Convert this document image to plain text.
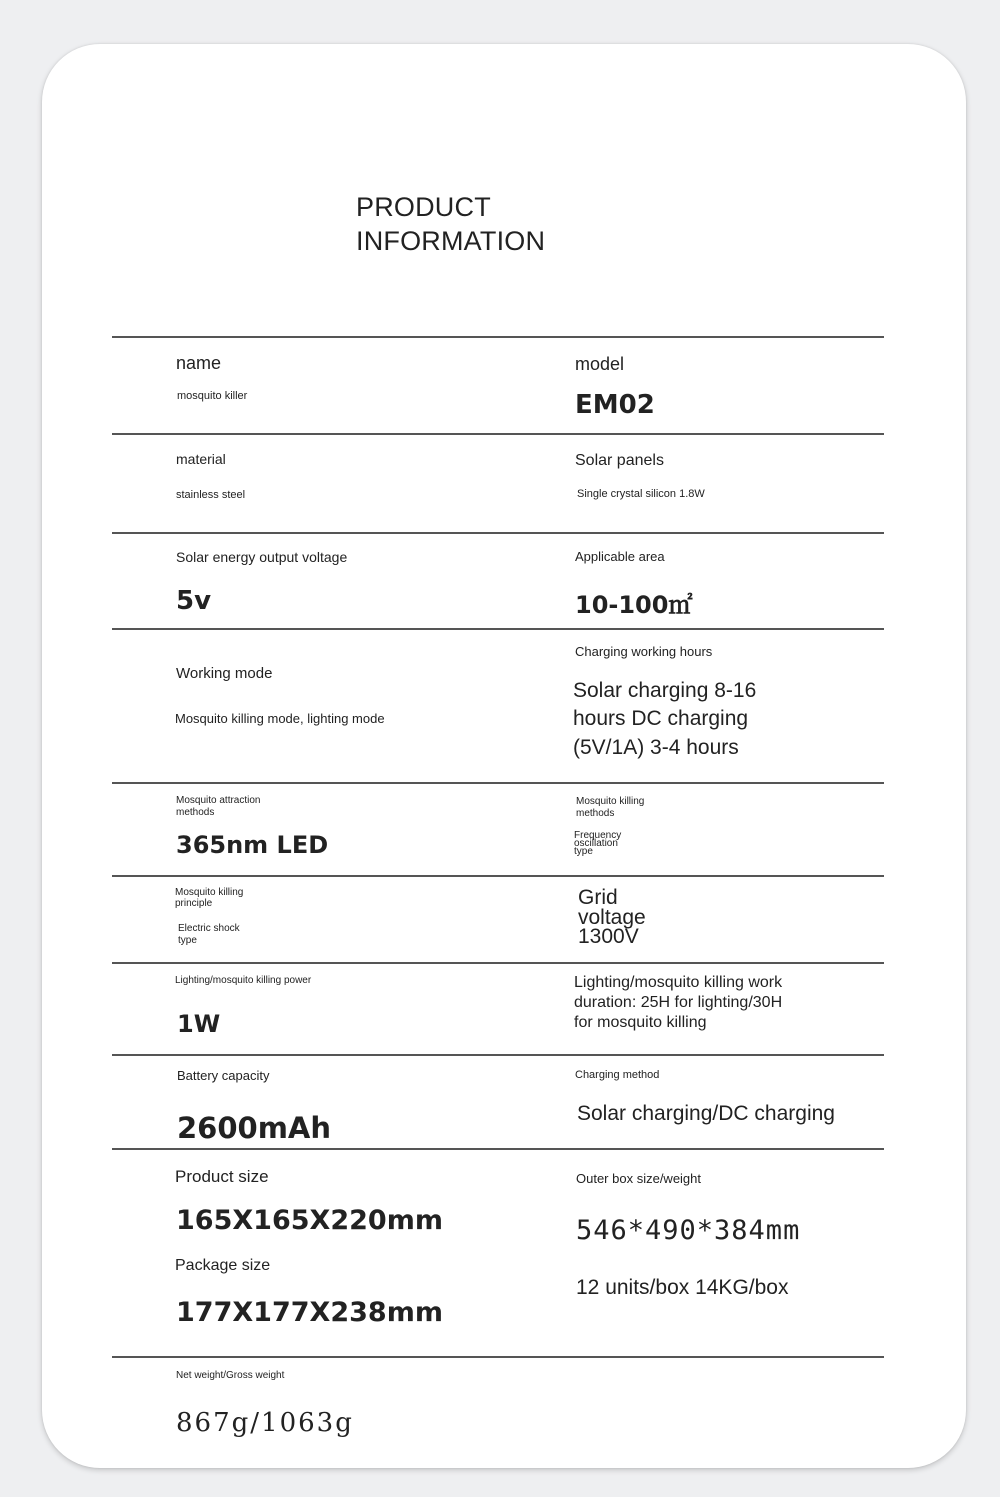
PRODUCT
INFORMATION
name
mosquito killer
model
EM02
material
stainless steel
Solar panels
Single crystal silicon 1.8W
Solar energy output voltage
5v
Applicable area
10-100㎡
Working mode
Mosquito killing mode, lighting mode
Charging working hours
Solar charging 8-16
hours DC charging
(5V/1A) 3-4 hours
Mosquito attraction
methods
365nm LED
Mosquito killing
methods
Frequency
oscillation
type
Mosquito killing
principle
Electric shock
type
Grid
voltage
1300V
Lighting/mosquito killing power
1W
Lighting/mosquito killing work
duration: 25H for lighting/30H
for mosquito killing
Battery capacity
2600mAh
Charging method
Solar charging/DC charging
Product size
165X165X220mm
Package size
177X177X238mm
Outer box size/weight
546*490*384mm
12 units/box 14KG/box
Net weight/Gross weight
867g/1063g
